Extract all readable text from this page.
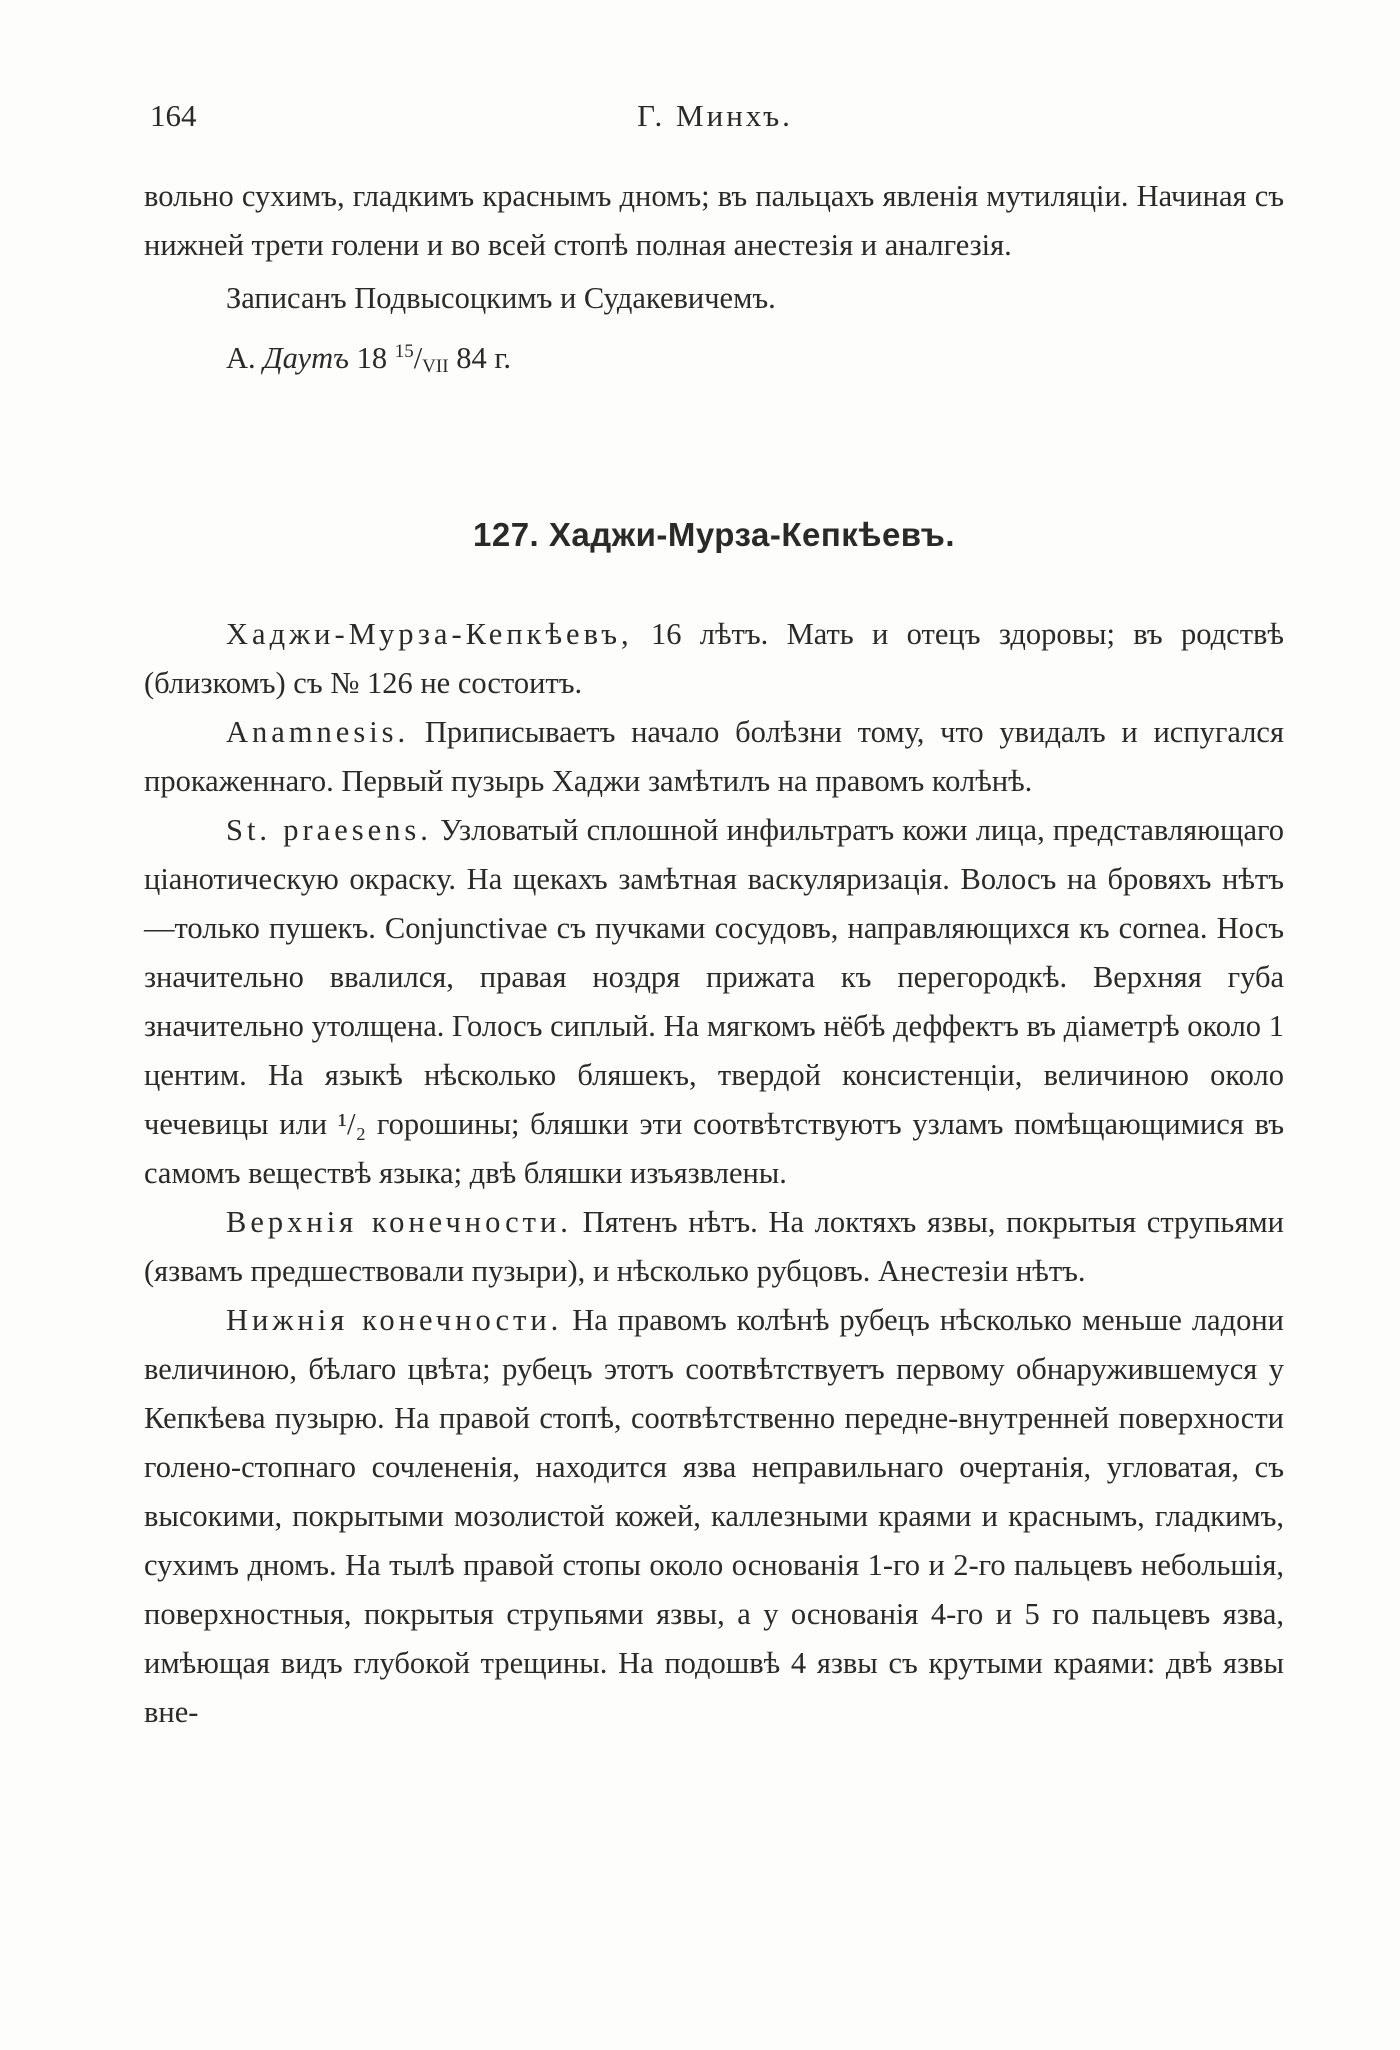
164	Г. Минхъ.

вольно сухимъ, гладкимъ краснымъ дномъ; въ пальцахъ явленія мутиляціи. Начиная съ нижней трети голени и во всей стопѣ полная анестезія и аналгезія.

Записанъ Подвысоцкимъ и Судакевичемъ.

А. Даутъ 18 $^{15}/_{VII}$ 84 г.

127. Хаджи-Мурза-Кепкѣевъ.

Хаджи-Мурза-Кепкѣевъ, 16 лѣтъ. Мать и отецъ здоровы; въ родствѣ (близкомъ) съ № 126 не состоитъ.

Anamnesis. Приписываетъ начало болѣзни тому, что увидалъ и испугался прокаженнаго. Первый пузырь Хаджи замѣтилъ на правомъ колѣнѣ.

St. praesens. Узловатый сплошной инфильтратъ кожи лица, представляющаго ціанотическую окраску. На щекахъ замѣтная васкуляризація. Волосъ на бровяхъ нѣтъ—только пушекъ. Conjunctivae съ пучками сосудовъ, направляющихся къ cornea. Носъ значительно ввалился, правая ноздря прижата къ перегородкѣ. Верхняя губа значительно утолщена. Голосъ сиплый. На мягкомъ нёбѣ деффектъ въ діаметрѣ около 1 центим. На языкѣ нѣсколько бляшекъ, твердой консистенціи, величиною около чечевицы или ¹/₂ горошины; бляшки эти соотвѣтствуютъ узламъ помѣщающимися въ самомъ веществѣ языка; двѣ бляшки изъязвлены.

Верхнія конечности. Пятенъ нѣтъ. На локтяхъ язвы, покрытыя струпьями (язвамъ предшествовали пузыри), и нѣсколько рубцовъ. Анестезіи нѣтъ.

Нижнія конечности. На правомъ колѣнѣ рубецъ нѣсколько меньше ладони величиною, бѣлаго цвѣта; рубецъ этотъ соотвѣтствуетъ первому обнаружившемуся у Кепкѣева пузырю. На правой стопѣ, соотвѣтственно передне-внутренней поверхности голено-стопнаго сочлененія, находится язва неправильнаго очертанія, угловатая, съ высокими, покрытыми мозолистой кожей, каллезными краями и краснымъ, гладкимъ, сухимъ дномъ. На тылѣ правой стопы около основанія 1-го и 2-го пальцевъ небольшія, поверхностныя, покрытыя струпьями язвы, а у основанія 4-го и 5 го пальцевъ язва, имѣющая видъ глубокой трещины. На подошвѣ 4 язвы съ крутыми краями: двѣ язвы вне-
